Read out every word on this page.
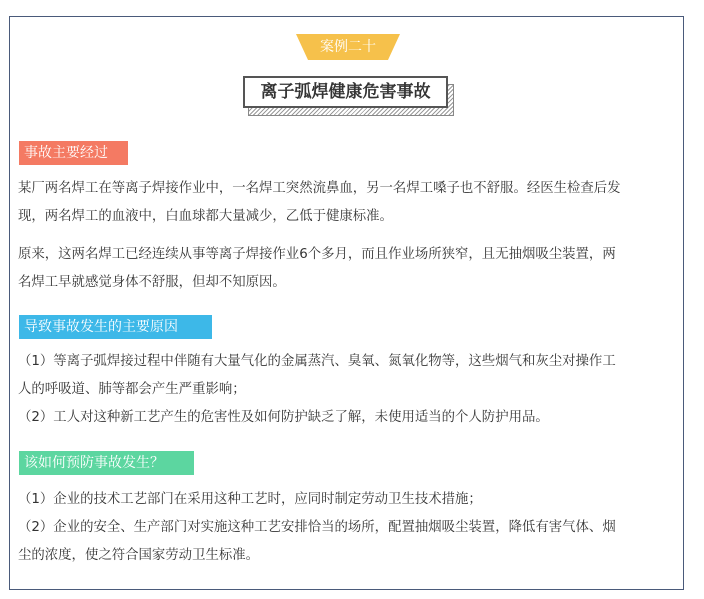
案例二十
离子弧焊健康危害事故
事故主要经过

某厂两名焊工在等离子焊接作业中，一名焊工突然流鼻血，另一名焊工嗓子也不舒服。经医生检查后发
现，两名焊工的血液中，白血球都大量减少，乙低于健康标准。

原来，这两名焊工已经连续从事等离子焊接作业6个多月，而且作业场所狭窄，且无抽烟吸尘装置，两
名焊工早就感觉身体不舒服，但却不知原因。

导致事故发生的主要原因

（1）等离子弧焊接过程中伴随有大量气化的金属蒸汽、臭氧、氮氧化物等，这些烟气和灰尘对操作工
人的呼吸道、肺等都会产生严重影响；
（2）工人对这种新工艺产生的危害性及如何防护缺乏了解，未使用适当的个人防护用品。

该如何预防事故发生？

（1）企业的技术工艺部门在采用这种工艺时，应同时制定劳动卫生技术措施；
（2）企业的安全、生产部门对实施这种工艺安排恰当的场所，配置抽烟吸尘装置，降低有害气体、烟
尘的浓度，使之符合国家劳动卫生标准。
